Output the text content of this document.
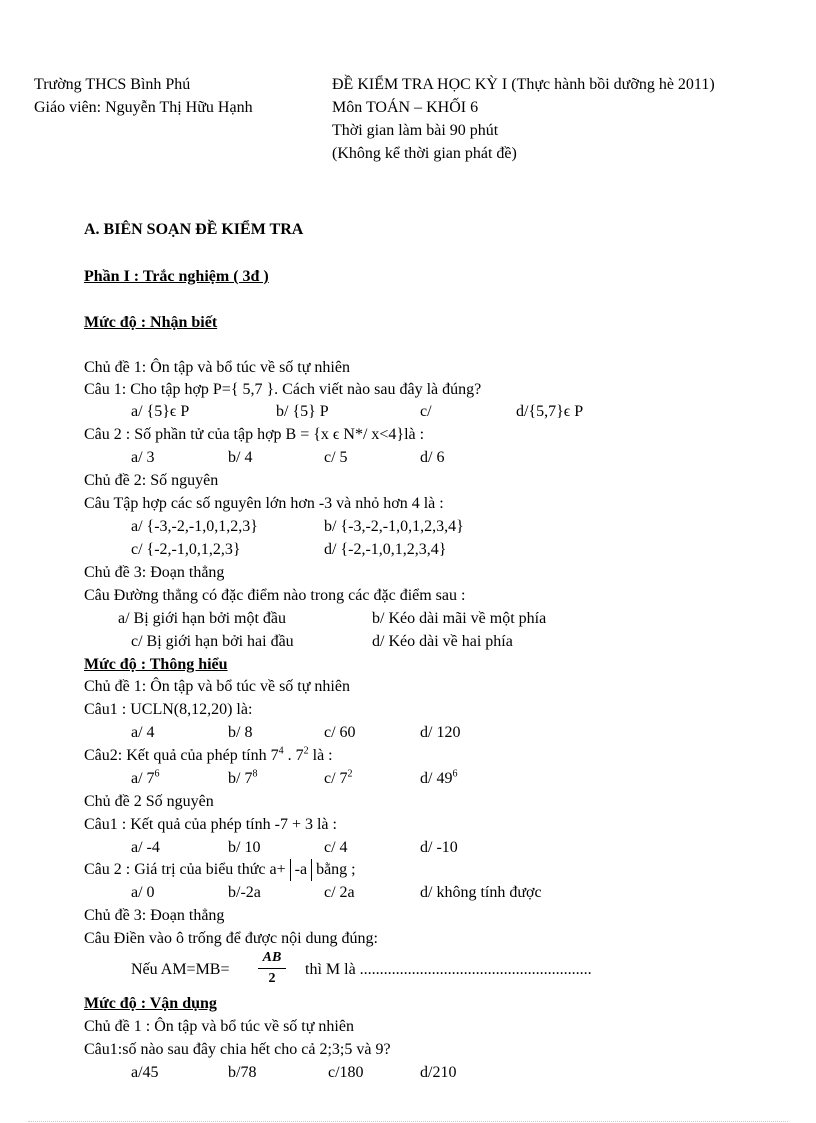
Trường THCS Bình Phú
Giáo viên: Nguyễn Thị Hữu Hạnh
ĐỀ KIỂM TRA HỌC KỲ I (Thực hành bồi dưỡng hè 2011)
Môn TOÁN – KHỐI 6
Thời gian làm bài 90 phút
(Không kể thời gian phát đề)
A. BIÊN SOẠN ĐỀ KIỂM TRA
Phần I : Trắc nghiệm ( 3đ )
Mức độ : Nhận biết
Chủ đề 1: Ôn tập và bổ túc về số tự nhiên
Câu 1: Cho tập hợp P={ 5,7 }. Cách viết nào sau đây là đúng?
a/ {5}ϵ P	b/ {5} P	c/	d/{5,7}ϵ P
Câu 2 : Số phần tử của tập hợp B = {x ϵ N*/ x<4}là :
a/ 3	b/ 4	c/ 5	d/ 6
Chủ đề 2: Số nguyên
Câu Tập hợp các số nguyên lớn hơn -3 và nhỏ hơn 4 là :
a/ {-3,-2,-1,0,1,2,3}	b/ {-3,-2,-1,0,1,2,3,4}
c/ {-2,-1,0,1,2,3}	d/ {-2,-1,0,1,2,3,4}
Chủ đề 3: Đoạn thẳng
Câu Đường thẳng có đặc điểm nào trong các đặc điểm sau :
a/ Bị giới hạn bởi một đầu	b/ Kéo dài mãi về một phía
c/ Bị giới hạn bởi hai đầu	d/ Kéo dài về hai phía
Mức độ : Thông hiểu
Chủ đề 1: Ôn tập và bổ túc về số tự nhiên
Câu1 : UCLN(8,12,20) là:
a/ 4	b/ 8	c/ 60	d/ 120
Câu2: Kết quả của phép tính $7^4$ . $7^2$ là :
a/ $7^6$	b/ $7^8$	c/ $7^2$	d/ $49^6$
Chủ đề 2 Số nguyên
Câu1 : Kết quả của phép tính -7 + 3 là :
a/ -4	b/ 10	c/ 4	d/ -10
Câu 2 : Giá trị của biểu thức a+ -a bằng ;
a/ 0	b/-2a	c/ 2a	d/ không tính được
Chủ đề 3: Đoạn thẳng
Câu Điền vào ô trống để được nội dung đúng:
Nếu $AM=MB= \frac{AB}{2}$ thì M là ..........................................................
Mức độ : Vận dụng
Chủ đề 1 : Ôn tập và bổ túc về số tự nhiên
Câu1:số nào sau đây chia hết cho cả 2;3;5 và 9?
a/45	b/78	c/180	d/210
